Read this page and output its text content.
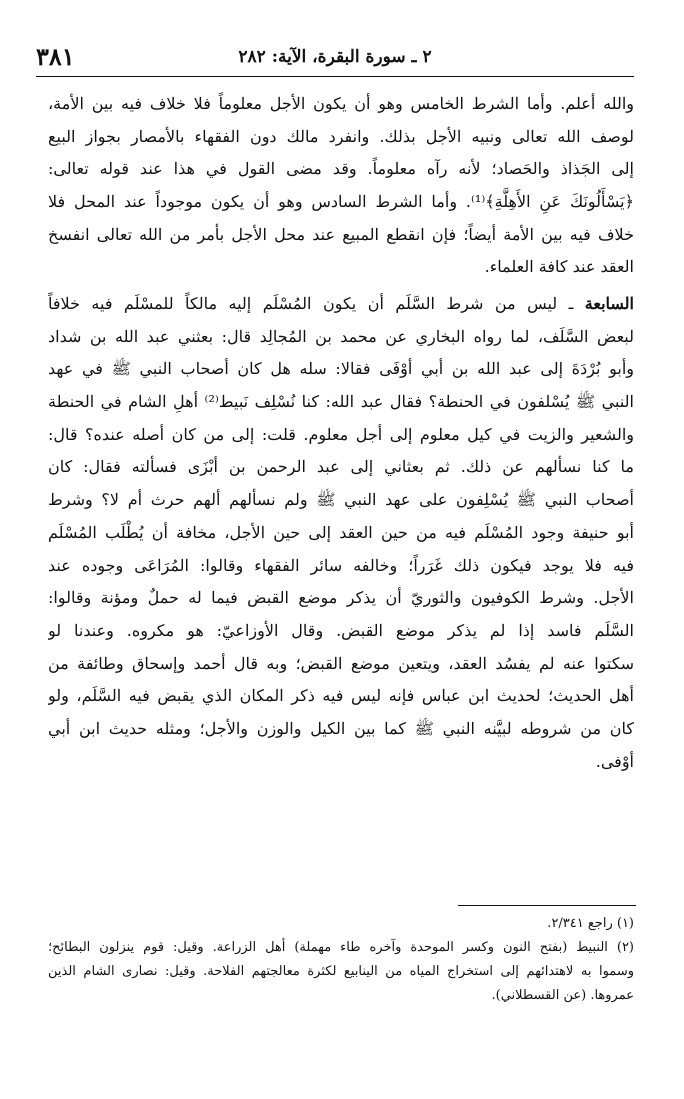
٣٨١	٢ ـ سورة البقرة، الآية: ٢٨٢
والله أعلم. وأما الشرط الخامس وهو أن يكون الأجل معلوماً فلا خلاف فيه بين الأمة،
لوصف الله تعالى ونبيه الأجل بذلك. وانفرد مالك دون الفقهاء بالأمصار بجواز البيع
إلى الجَذاذ والحَصاد؛ لأنه رآه معلوماً. وقد مضى القول في هذا عند قوله تعالى:
﴿يَسْأَلُونَكَ عَنِ الأَهِلَّةِ﴾⁽¹⁾. وأما الشرط السادس وهو أن يكون موجوداً عند المحل فلا
خلاف فيه بين الأمة أيضاً؛ فإن انقطع المبيع عند محل الأجل بأمر من الله تعالى انفسخ
العقد عند كافة العلماء.
السابعة ـ ليس من شرط السَّلَم أن يكون المُسْلَم إليه مالكاً للمسْلَم فيه خلافاً
لبعض السَّلَف، لما رواه البخاري عن محمد بن المُجالِد قال: بعثني عبد الله بن شداد
وأبو بُرْدَةَ إلى عبد الله بن أبي أوْفَى فقالا: سله هل كان أصحاب النبي ﷺ في عهد
النبي ﷺ يُسْلفون في الحنطة؟ فقال عبد الله: كنا نُسْلِف نَبيط⁽²⁾ أهلِ الشام في الحنطة
والشعير والزيت في كيل معلوم إلى أجل معلوم. قلت: إلى من كان أصله عنده؟ قال:
ما كنا نسألهم عن ذلك. ثم بعثاني إلى عبد الرحمن بن أبْزَى فسألته فقال: كان
أصحاب النبي ﷺ يُسْلِفون على عهد النبي ﷺ ولم نسألهم ألهم حرث أم لا؟ وشرط
أبو حنيفة وجود المُسْلَم فيه من حين العقد إلى حين الأجل، مخافة أن يُطْلَب المُسْلَم
فيه فلا يوجد فيكون ذلك غَرَراً؛ وخالفه سائر الفقهاء وقالوا: المُرَاعَى وجوده عند
الأجل. وشرط الكوفيون والثوريّ أن يذكر موضع القبض فيما له حملٌ ومؤنة وقالوا:
السَّلَم فاسد إذا لم يذكر موضع القبض. وقال الأوزاعيّ: هو مكروه. وعندنا لو
سكتوا عنه لم يفسُد العقد، ويتعين موضع القبض؛ وبه قال أحمد وإسحاق وطائفة من
أهل الحديث؛ لحديث ابن عباس فإنه ليس فيه ذكر المكان الذي يقبض فيه السَّلَم، ولو
كان من شروطه لبيَّنه النبي ﷺ كما بين الكيل والوزن والأجل؛ ومثله حديث ابن أبي
أوْفى.
(١) راجع ٢/٣٤١.
(٢) النبيط (بفتح النون وكسر الموحدة وآخره طاء مهملة) أهل الزراعة. وقيل: قوم ينزلون البطائح؛
وسموا به لاهتدائهم إلى استخراج المياه من الينابيع لكثرة معالجتهم الفلاحة. وقيل: نصارى الشام الذين
عمروها. (عن القسطلاني).
